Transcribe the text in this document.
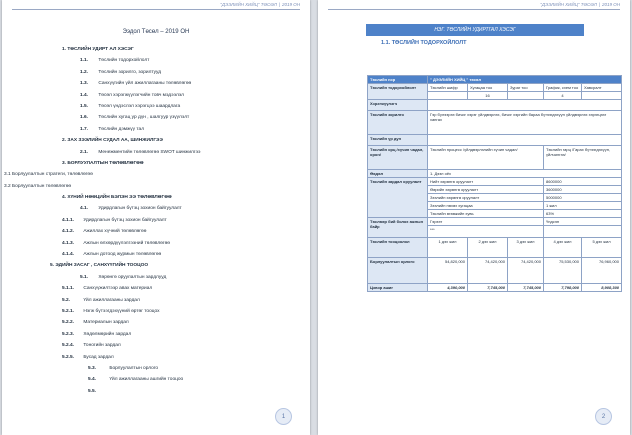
"ДЭЭЛИЙН ХИЙЦ" ТӨСӨЛ | 2019 ОН
Ээдол Төсөл – 2019 ОН
1. ТӨСЛИЙН УДИРТ АЛ ХЭСЭГ
1.1. Төслийн тодорхойлолт
1.2. Төслийн зорилго, зорилтууд
1.3. Санхүүгийн үйл ажиллагааны төлөвлөгөө
1.4. Төсөл хэрэгжүүлэгчийн товч мэдээлэл
1.5. Төсөл үндэслэл хэрэгцээ шаардлага
1.6. Төслийн хугац ур дүн , шалгуур үзүүлэлт
1.7. Төслийн дэмжүү тал
2. ЗАХ ЗЭЭЛИЙН СУДАЛ АА, ШИНЖИЛГЭЭ
2.1. Менежментийн төлөвлөгөө SWOT шинжилгээ
3. БОРЛУУЛАЛТЫН ТӨЛӨВЛӨГӨӨ
3.1 Борлуулалтын стратеги, төлөвлөгөө
3.2 Борлуулалтын төлөвлөгөө
4. ХҮНИЙ НӨӨЦИЙН БЭЛЭН ЭЭ ТӨЛӨВЛӨГӨӨ
4.1. Удирдлагын бүтэц зохион байгуулалт
4.1.1. Удирдлагын бүтэц зохион байгуулалт
4.1.2. Ажиллах хүчний төлөвлөгөө
4.1.3. Ажлын өлхөрдүүлэлгээний төлөвлөгөө
4.1.4. Ажлын дотоод журмын төлөвлөгөө
5. ЭДИЙН ЗАСАГ , САНХҮҮГИЙН ТООЦОО
5.1. Хөрөнгө оруулалтын зардлууд
5.1.1. Санхүүжилтээр авах материал
5.2.	Үйл ажиллагааны зардал
5.2.1. Нэгж бүтээгдэхүүний өртөг тооцох
5.2.2. Материалын зардал
5.2.3. Хөдөлмөрийн зардал
5.2.4. Тоногийн зардал
5.2.5. Бусад зардал
5.3.	Борлуулалтын орлого
5.4.	Үйл ажиллагааны ашгийн тооцоо
5.5.
1
"ДЭЭЛИЙН ХИЙЦ" ТӨСӨЛ | 2019 ОН
НЭГ. ТӨСЛИЙН УДИРТГАЛ ХЭСЭГ
1.1. ТӨСЛИЙН ТОДОРХОЙЛОЛТ
Төслийн нэр	" ДЭЭЛИЙН ХИЙЦ " төсөл				
Төслийн тодорхойлолт	Төслийн шифр	Хугацаа тоо	Зураг тоо	График, схем тоо	Хавсралт
		16		4	
Хэрэгжүүлэгч					
Төслийн зорилго	Гэр бүлээрээ бичиг хэрэг үйлдвэрлэх, бичиг хэргийн бараа бүтээгдэхүүн үйлдвэрлэх хэрэгцээг хангах				
Төслийн үр дүн					
Төслийн орц /хүчин чадал, орон/	Төслийн процесс /үйлдвэрлэлийн хүчин чадал/			Төслийн гарц /Гарах бүтээгдэхүүн, үйлчилгээ/	
Өөдөл	1. Дээл оёх				
Төслийн зардал оруулалт	Нийт хөрөнгө оруулалт			8600000	
	Өөрийн хөрөнгө оруулалт			3600000	
	Зээлийн хөрөнгө оруулалт			5000000	
	Зээлийн нөхөх хугацаа			1 жил	
	Төслийн өгөөжийн хувь			63%	
Төслөөр бий болох ажлын байр	Гэрээт			Үндсэн	
	***				
Төслийн тооцоолол	1 дэх жил	2 дэх жил	3 дэх жил	4 дэх жил	5 дэх жил
Борлуулалтын орлого	54,820,000	74,420,000	74,420,000	75,530,000	76,960,000
Цэвэр ашиг	4,390,000	7,745,000	7,745,000	7,798,000	8,908,300
2
